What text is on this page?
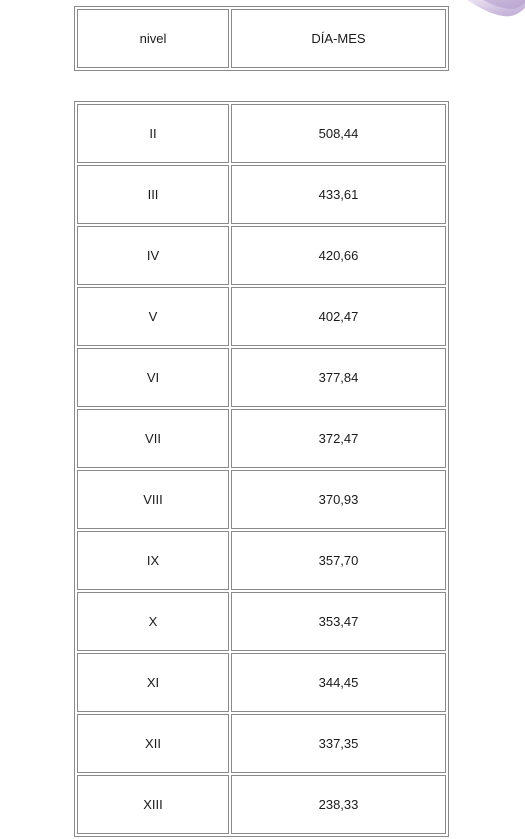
nivel	DÍA-MES
II	508,44
III	433,61
IV	420,66
V	402,47
VI	377,84
VII	372,47
VIII	370,93
IX	357,70
X	353,47
XI	344,45
XII	337,35
XIII	238,33
